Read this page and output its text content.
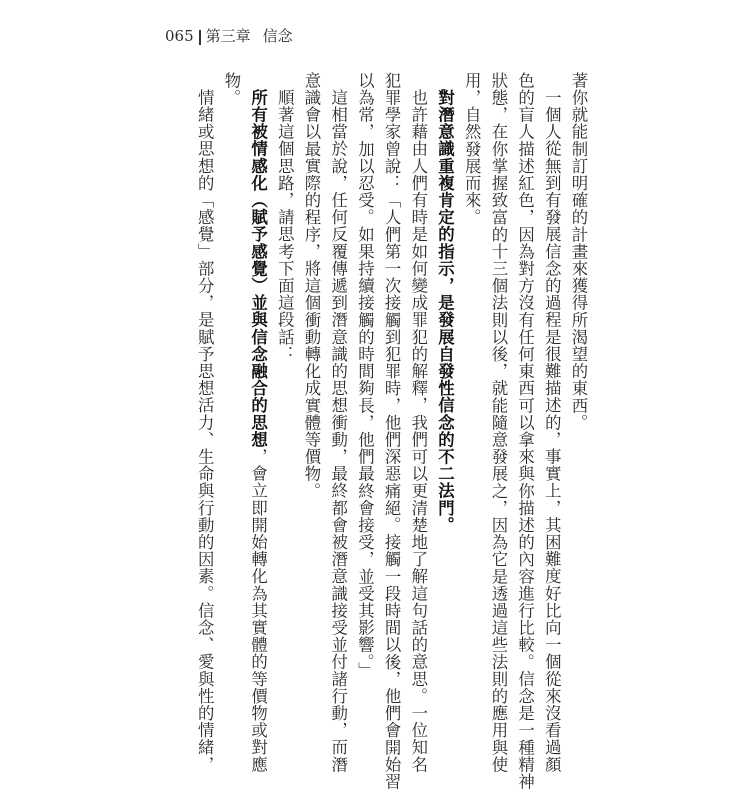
065 第三章 信念
著你就能制訂明確的計畫來獲得所渴望的東西。
一個人從無到有發展信念的過程是很難描述的，事實上，其困難度好比向一個從來沒看過顏
色的盲人描述紅色，因為對方沒有任何東西可以拿來與你描述的內容進行比較。信念是一種精神
狀態，在你掌握致富的十三個法則以後，就能隨意發展之，因為它是透過這些法則的應用與使
用，自然發展而來。
對潛意識重複肯定的指示，是發展自發性信念的不二法門。
也許藉由人們有時是如何變成罪犯的解釋，我們可以更清楚地了解這句話的意思。一位知名
犯罪學家曾說：「人們第一次接觸到犯罪時，他們深惡痛絕。接觸一段時間以後，他們會開始習
以為常，加以忍受。如果持續接觸的時間夠長，他們最終會接受，並受其影響。」
這相當於說，任何反覆傳遞到潛意識的思想衝動，最終都會被潛意識接受並付諸行動，而潛
意識會以最實際的程序，將這個衝動轉化成實體等價物。
順著這個思路，請思考下面這段話：
所有被情感化（賦予感覺）並與信念融合的思想，會立即開始轉化為其實體的等價物或對應
物。
情緒或思想的「感覺」部分，是賦予思想活力、生命與行動的因素。信念、愛與性的情緒，
